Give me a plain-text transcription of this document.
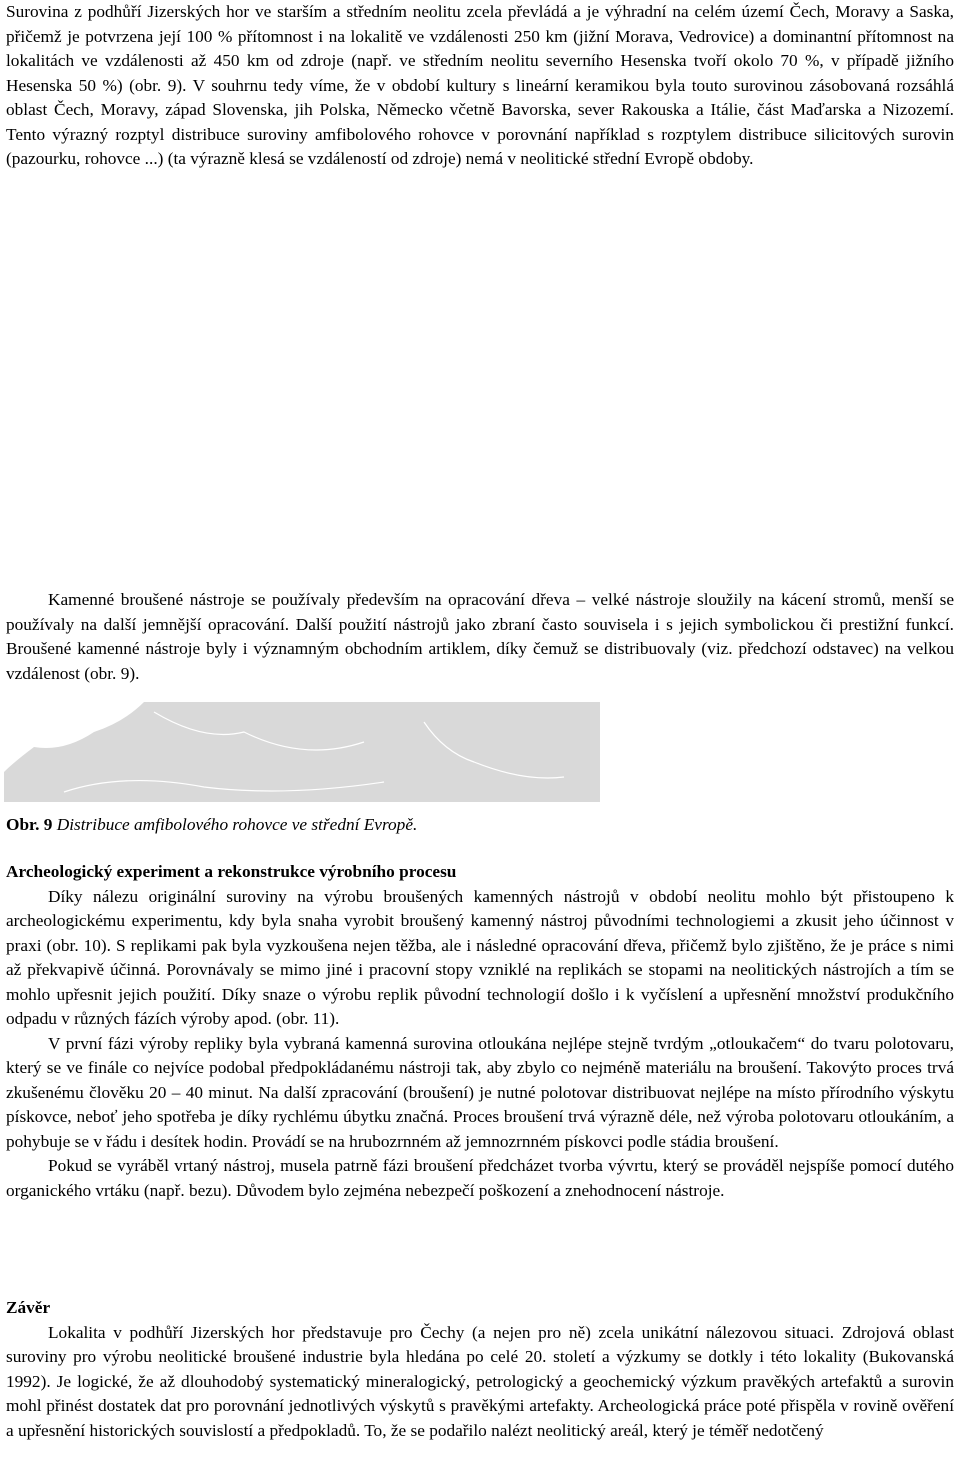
Surovina z podhůří Jizerských hor ve starším a středním neolitu zcela převládá a je výhradní na celém území Čech, Moravy a Saska, přičemž je potvrzena její 100 % přítomnost i na lokalitě ve vzdálenosti 250 km (jižní Morava, Vedrovice) a dominantní přítomnost na lokalitách ve vzdálenosti až 450 km od zdroje (např. ve středním neolitu severního Hesenska tvoří okolo 70 %, v případě jižního Hesenska 50 %) (obr. 9). V souhrnu tedy víme, že v období kultury s lineární keramikou byla touto surovinou zásobovaná rozsáhlá oblast Čech, Moravy, západ Slovenska, jih Polska, Německo včetně Bavorska, sever Rakouska a Itálie, část Maďarska a Nizozemí. Tento výrazný rozptyl distribuce suroviny amfibolového rohovce v porovnání například s rozptylem distribuce silicitových surovin (pazourku, rohovce ...) (ta výrazně klesá se vzdáleností od zdroje) nemá v neolitické střední Evropě obdoby.

Kamenné broušené nástroje se používaly především na opracování dřeva – velké nástroje sloužily na kácení stromů, menší se používaly na další jemnější opracování. Další použití nástrojů jako zbraní často souvisela i s jejich symbolickou či prestižní funkcí. Broušené kamenné nástroje byly i významným obchodním artiklem, díky čemuž se distribuovaly (viz. předchozí odstavec) na velkou vzdálenost (obr. 9).

Obr. 9 Distribuce amfibolového rohovce ve střední Evropě.

Archeologický experiment a rekonstrukce výrobního procesu

Díky nálezu originální suroviny na výrobu broušených kamenných nástrojů v období neolitu mohlo být přistoupeno k archeologickému experimentu, kdy byla snaha vyrobit broušený kamenný nástroj původními technologiemi a zkusit jeho účinnost v praxi (obr. 10). S replikami pak byla vyzkoušena nejen těžba, ale i následné opracování dřeva, přičemž bylo zjištěno, že je práce s nimi až překvapivě účinná. Porovnávaly se mimo jiné i pracovní stopy vzniklé na replikách se stopami na neolitických nástrojích a tím se mohlo upřesnit jejich použití. Díky snaze o výrobu replik původní technologií došlo i k vyčíslení a upřesnění množství produkčního odpadu v různých fázích výroby apod. (obr. 11).

V první fázi výroby repliky byla vybraná kamenná surovina otloukána nejlépe stejně tvrdým „otloukačem“ do tvaru polotovaru, který se ve finále co nejvíce podobal předpokládanému nástroji tak, aby zbylo co nejméně materiálu na broušení. Takovýto proces trvá zkušenému člověku 20 – 40 minut. Na další zpracování (broušení) je nutné polotovar distribuovat nejlépe na místo přírodního výskytu pískovce, neboť jeho spotřeba je díky rychlému úbytku značná. Proces broušení trvá výrazně déle, než výroba polotovaru otloukáním, a pohybuje se v řádu i desítek hodin. Provádí se na hrubozrnném až jemnozrnném pískovci podle stádia broušení.

Pokud se vyráběl vrtaný nástroj, musela patrně fázi broušení předcházet tvorba vývrtu, který se prováděl nejspíše pomocí dutého organického vrtáku (např. bezu). Důvodem bylo zejména nebezpečí poškození a znehodnocení nástroje.

Závěr

Lokalita v podhůří Jizerských hor představuje pro Čechy (a nejen pro ně) zcela unikátní nálezovou situaci. Zdrojová oblast suroviny pro výrobu neolitické broušené industrie byla hledána po celé 20. století a výzkumy se dotkly i této lokality (Bukovanská 1992). Je logické, že až dlouhodobý systematický mineralogický, petrologický a geochemický výzkum pravěkých artefaktů a surovin mohl přinést dostatek dat pro porovnání jednotlivých výskytů s pravěkými artefakty. Archeologická práce poté přispěla v rovině ověření a upřesnění historických souvislostí a předpokladů. To, že se podařilo nalézt neolitický areál, který je téměř nedotčený
